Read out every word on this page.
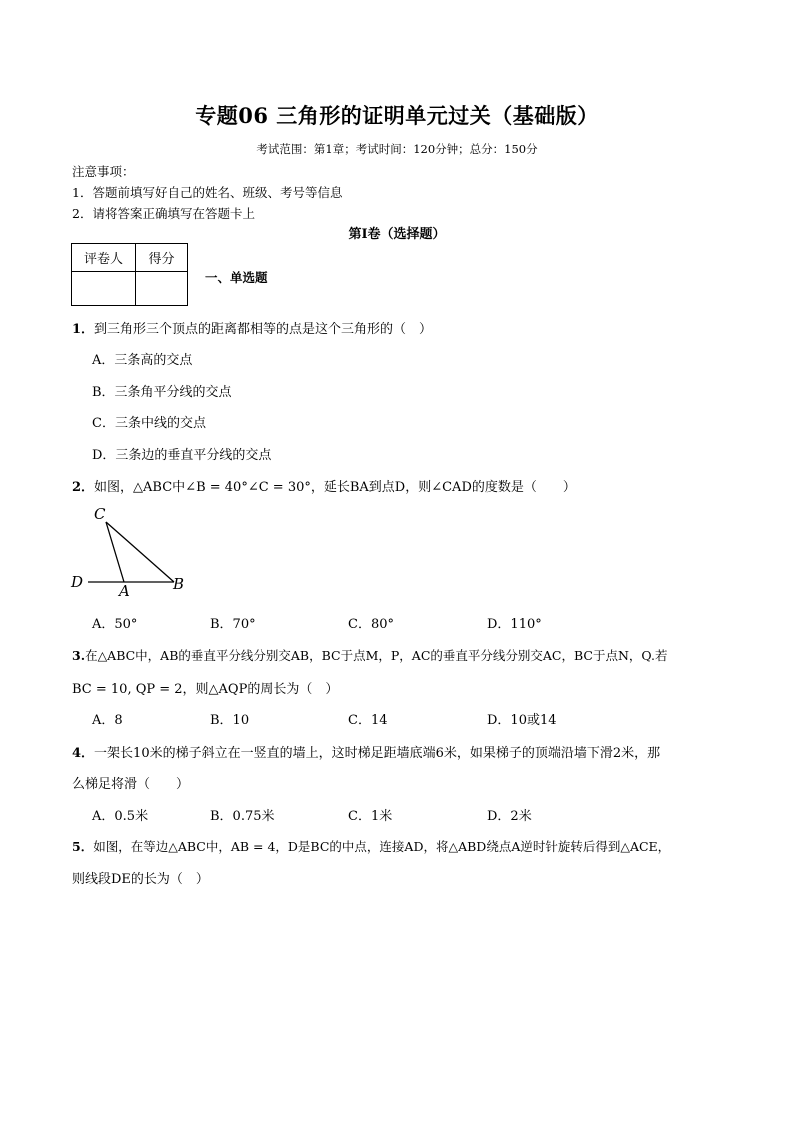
专题06 三角形的证明单元过关（基础版）
考试范围：第1章；考试时间：120分钟；总分：150分
注意事项：
1．答题前填写好自己的姓名、班级、考号等信息
2．请将答案正确填写在答题卡上
第I卷（选择题）
评卷人	得分

一、单选题
1．到三角形三个顶点的距离都相等的点是这个三角形的（　）
A．三条高的交点
B．三条角平分线的交点
C．三条中线的交点
D．三条边的垂直平分线的交点
2．如图，△ABC中∠B = 40°∠C = 30°，延长BA到点D，则∠CAD的度数是（　　）
C
D A	B
A．50°	B．70°	C．80°	D．110°
3.在△ABC中，AB的垂直平分线分别交AB，BC于点M，P，AC的垂直平分线分别交AC，BC于点N，Q.若
BC = 10, QP = 2，则△AQP的周长为（　）
A．8	B．10	C．14	D．10或14
4．一架长10米的梯子斜立在一竖直的墙上，这时梯足距墙底端6米，如果梯子的顶端沿墙下滑2米，那
么梯足将滑（　　）
A．0.5米	B．0.75米	C．1米	D．2米
5．如图，在等边△ABC中，AB = 4，D是BC的中点，连接AD，将△ABD绕点A逆时针旋转后得到△ACE，
则线段DE的长为（　）
